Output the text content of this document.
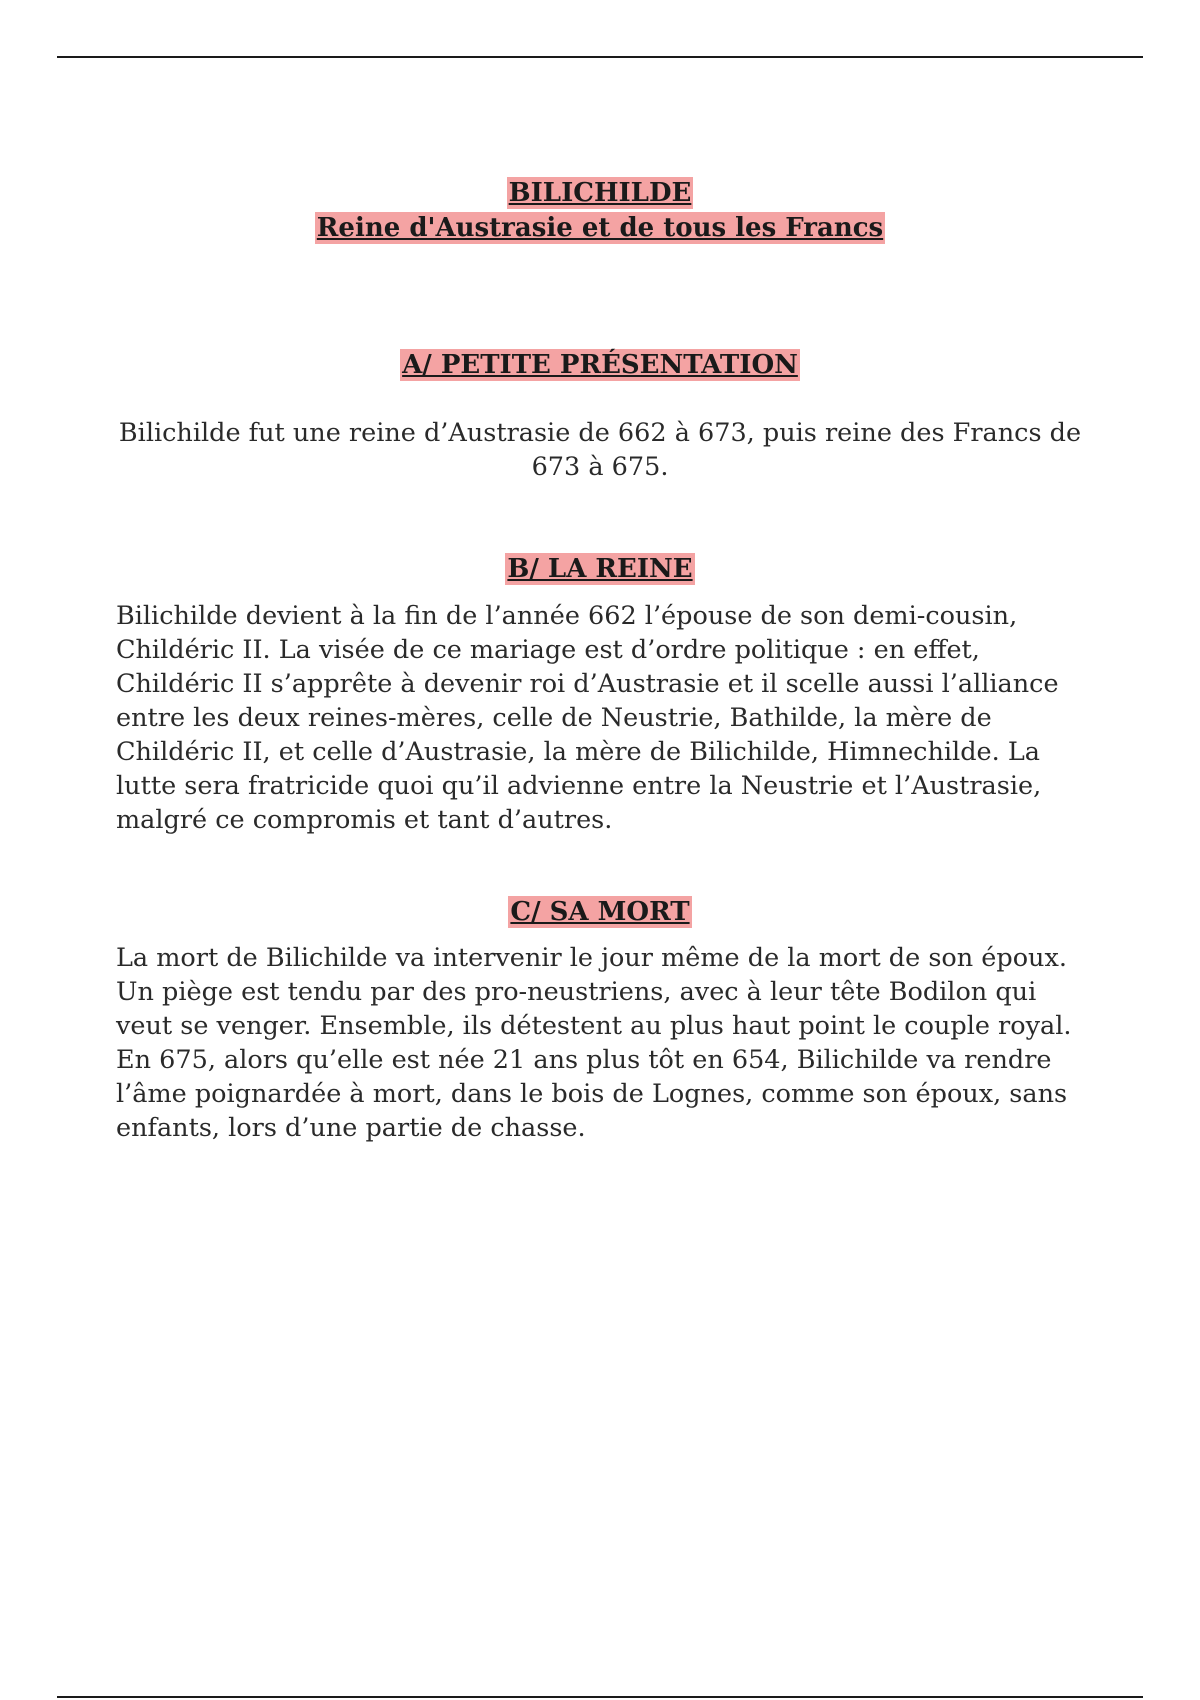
BILICHILDE

Reine d'Austrasie et de tous les Francs

A/ PETITE PRÉSENTATION

Bilichilde fut une reine d’Austrasie de 662 à 673, puis reine des Francs de 673 à 675.

B/ LA REINE

Bilichilde devient à la fin de l’année 662 l’épouse de son demi-cousin, Childéric II. La visée de ce mariage est d’ordre politique : en effet, Childéric II s’apprête à devenir roi d’Austrasie et il scelle aussi l’alliance entre les deux reines-mères, celle de Neustrie, Bathilde, la mère de Childéric II, et celle d’Austrasie, la mère de Bilichilde, Himnechilde. La lutte sera fratricide quoi qu’il advienne entre la Neustrie et l’Austrasie, malgré ce compromis et tant d’autres.

C/ SA MORT

La mort de Bilichilde va intervenir le jour même de la mort de son époux. Un piège est tendu par des pro-neustriens, avec à leur tête Bodilon qui veut se venger. Ensemble, ils détestent au plus haut point le couple royal. En 675, alors qu’elle est née 21 ans plus tôt en 654, Bilichilde va rendre l’âme poignardée à mort, dans le bois de Lognes, comme son époux, sans enfants, lors d’une partie de chasse.
